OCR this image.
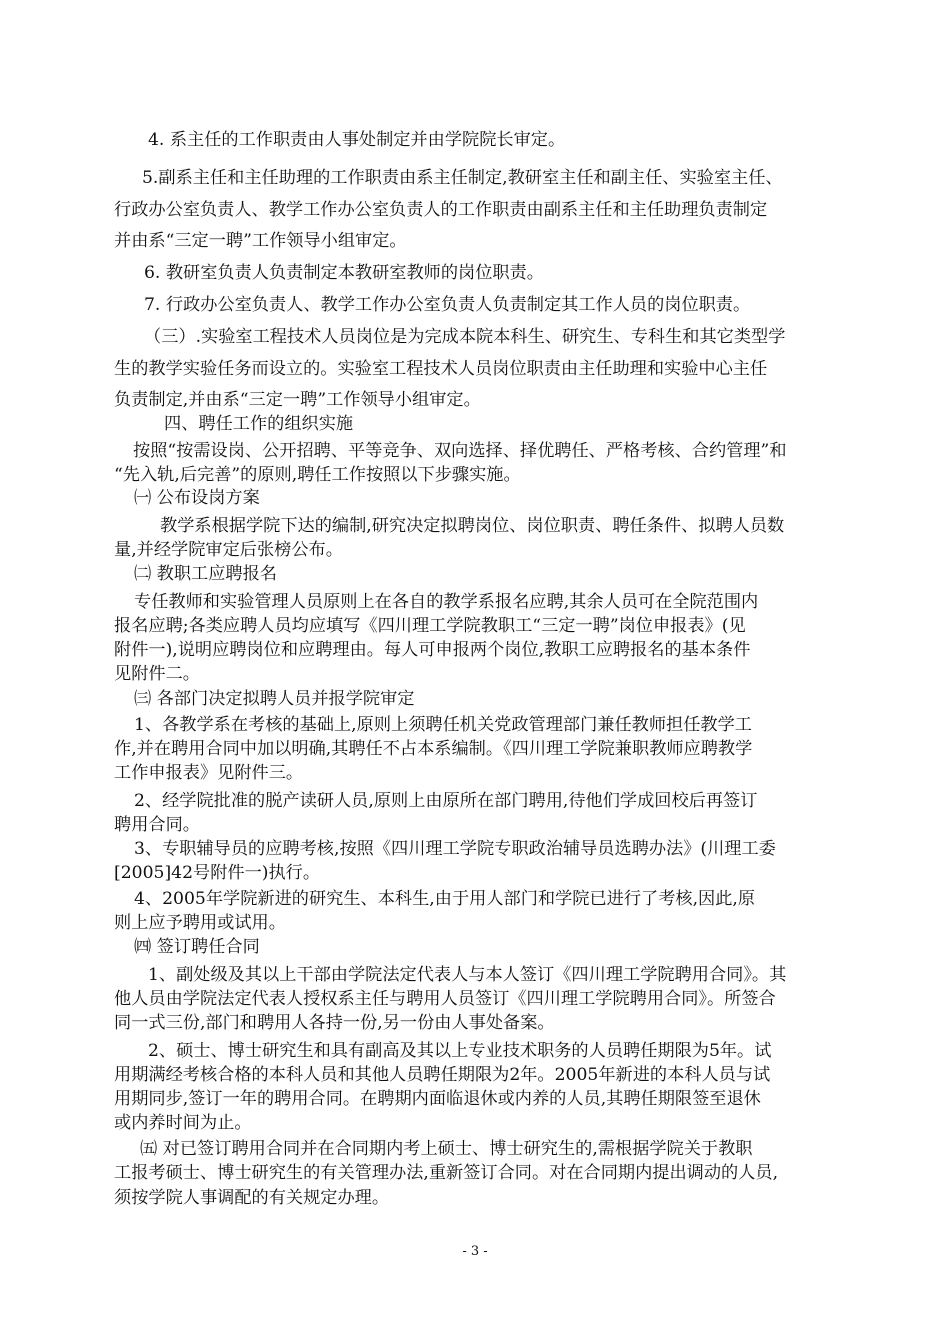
4. 系主任的工作职责由人事处制定并由学院院长审定。

5.副系主任和主任助理的工作职责由系主任制定,教研室主任和副主任、实验室主任、

行政办公室负责人、教学工作办公室负责人的工作职责由副系主任和主任助理负责制定

并由系“三定一聘”工作领导小组审定。

6. 教研室负责人负责制定本教研室教师的岗位职责。

7. 行政办公室负责人、教学工作办公室负责人负责制定其工作人员的岗位职责。

（三）.实验室工程技术人员岗位是为完成本院本科生、研究生、专科生和其它类型学

生的教学实验任务而设立的。实验室工程技术人员岗位职责由主任助理和实验中心主任

负责制定,并由系“三定一聘”工作领导小组审定。

四、聘任工作的组织实施

按照“按需设岗、公开招聘、平等竞争、双向选择、择优聘任、严格考核、合约管理”和

“先入轨,后完善”的原则,聘任工作按照以下步骤实施。

㈠ 公布设岗方案

教学系根据学院下达的编制,研究决定拟聘岗位、岗位职责、聘任条件、拟聘人员数

量,并经学院审定后张榜公布。

㈡ 教职工应聘报名

专任教师和实验管理人员原则上在各自的教学系报名应聘,其余人员可在全院范围内

报名应聘;各类应聘人员均应填写《四川理工学院教职工“三定一聘”岗位申报表》(见

附件一),说明应聘岗位和应聘理由。每人可申报两个岗位,教职工应聘报名的基本条件

见附件二。

㈢ 各部门决定拟聘人员并报学院审定

1、各教学系在考核的基础上,原则上须聘任机关党政管理部门兼任教师担任教学工

作,并在聘用合同中加以明确,其聘任不占本系编制。《四川理工学院兼职教师应聘教学

工作申报表》见附件三。

2、经学院批准的脱产读研人员,原则上由原所在部门聘用,待他们学成回校后再签订

聘用合同。

3、专职辅导员的应聘考核,按照《四川理工学院专职政治辅导员选聘办法》(川理工委

[2005]42号附件一)执行。

4、2005年学院新进的研究生、本科生,由于用人部门和学院已进行了考核,因此,原

则上应予聘用或试用。

㈣ 签订聘任合同

1、副处级及其以上干部由学院法定代表人与本人签订《四川理工学院聘用合同》。其

他人员由学院法定代表人授权系主任与聘用人员签订《四川理工学院聘用合同》。所签合

同一式三份,部门和聘用人各持一份,另一份由人事处备案。

2、硕士、博士研究生和具有副高及其以上专业技术职务的人员聘任期限为5年。试

用期满经考核合格的本科人员和其他人员聘任期限为2年。2005年新进的本科人员与试

用期同步,签订一年的聘用合同。在聘期内面临退休或内养的人员,其聘任期限签至退休

或内养时间为止。

㈤ 对已签订聘用合同并在合同期内考上硕士、博士研究生的,需根据学院关于教职

工报考硕士、博士研究生的有关管理办法,重新签订合同。对在合同期内提出调动的人员,

须按学院人事调配的有关规定办理。

- 3 -
